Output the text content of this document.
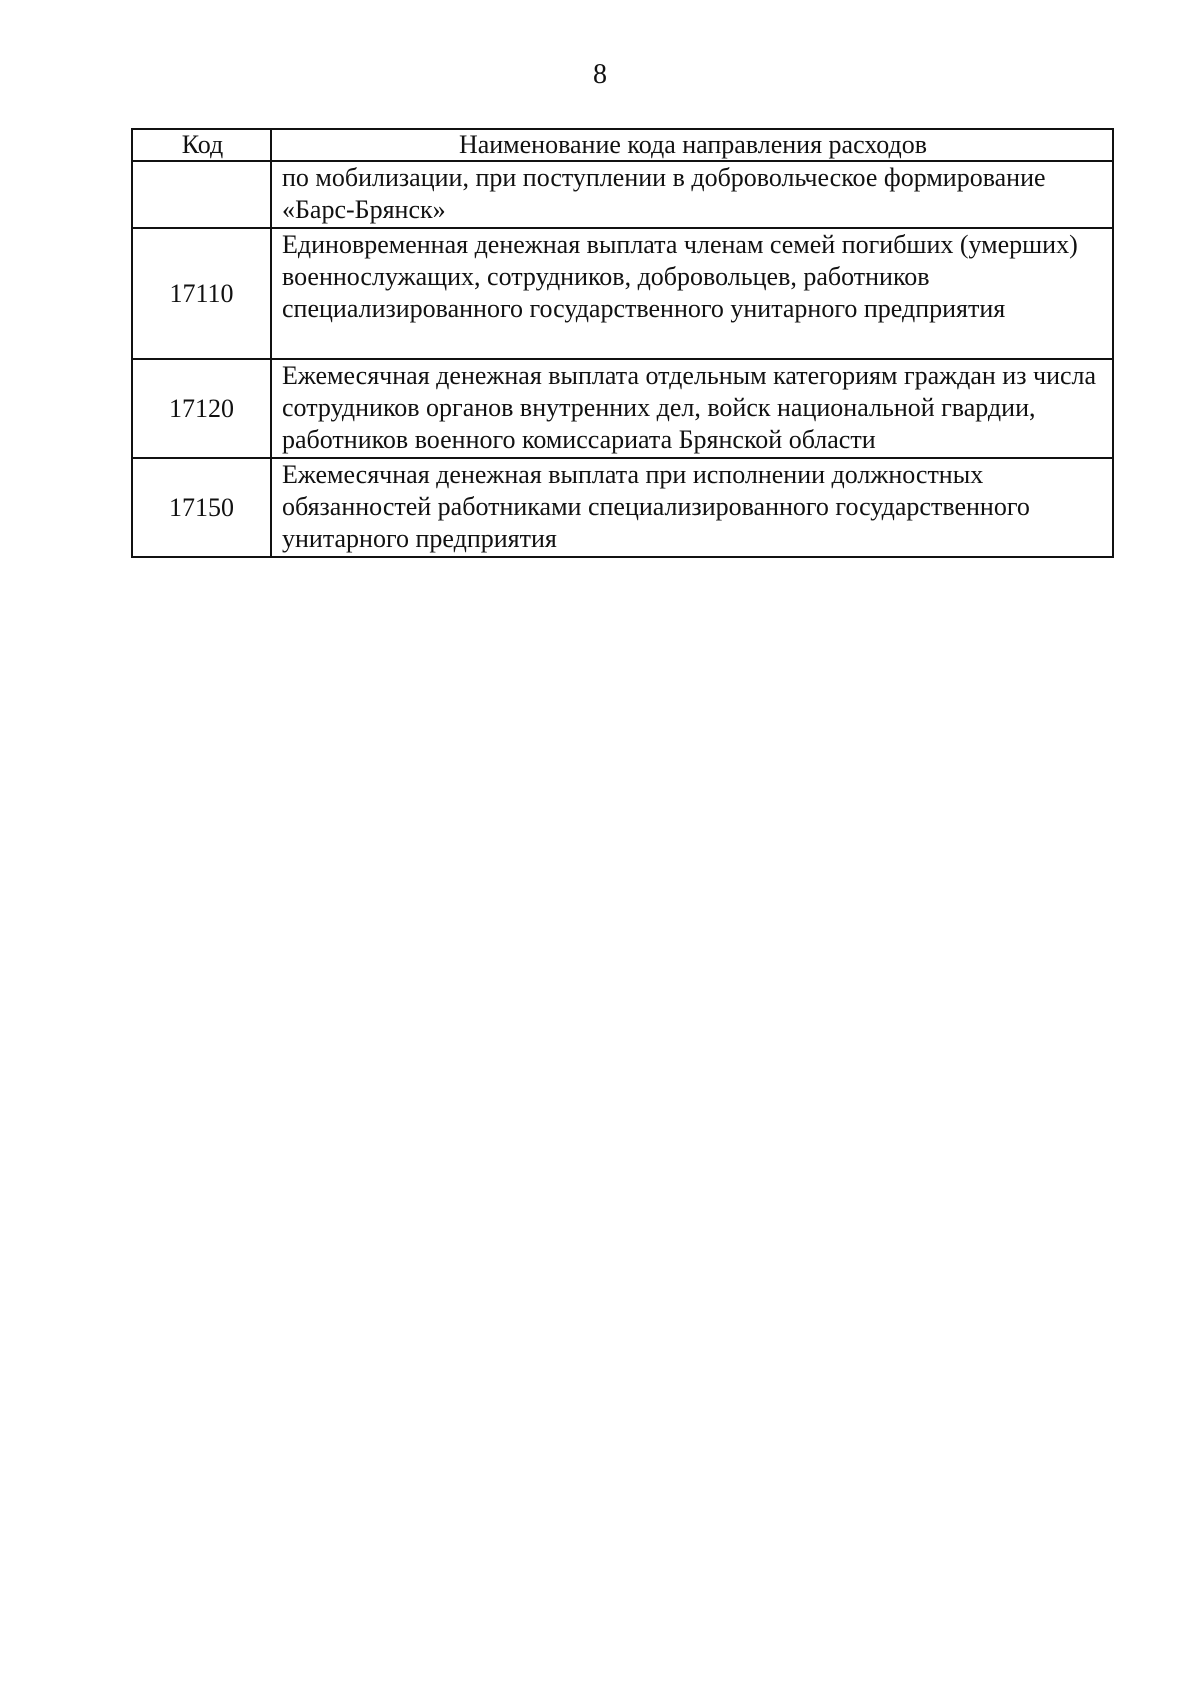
8
Код	Наименование кода направления расходов
	по мобилизации, при поступлении в добровольческое формирование «Барс-Брянск»
17110	Единовременная денежная выплата членам семей погибших (умерших) военнослужащих, сотрудников, добровольцев, работников специализированного государственного унитарного предприятия
17120	Ежемесячная денежная выплата отдельным категориям граждан из числа сотрудников органов внутренних дел, войск национальной гвардии, работников военного комиссариата Брянской области
17150	Ежемесячная денежная выплата при исполнении должностных обязанностей работниками специализированного государственного унитарного предприятия
